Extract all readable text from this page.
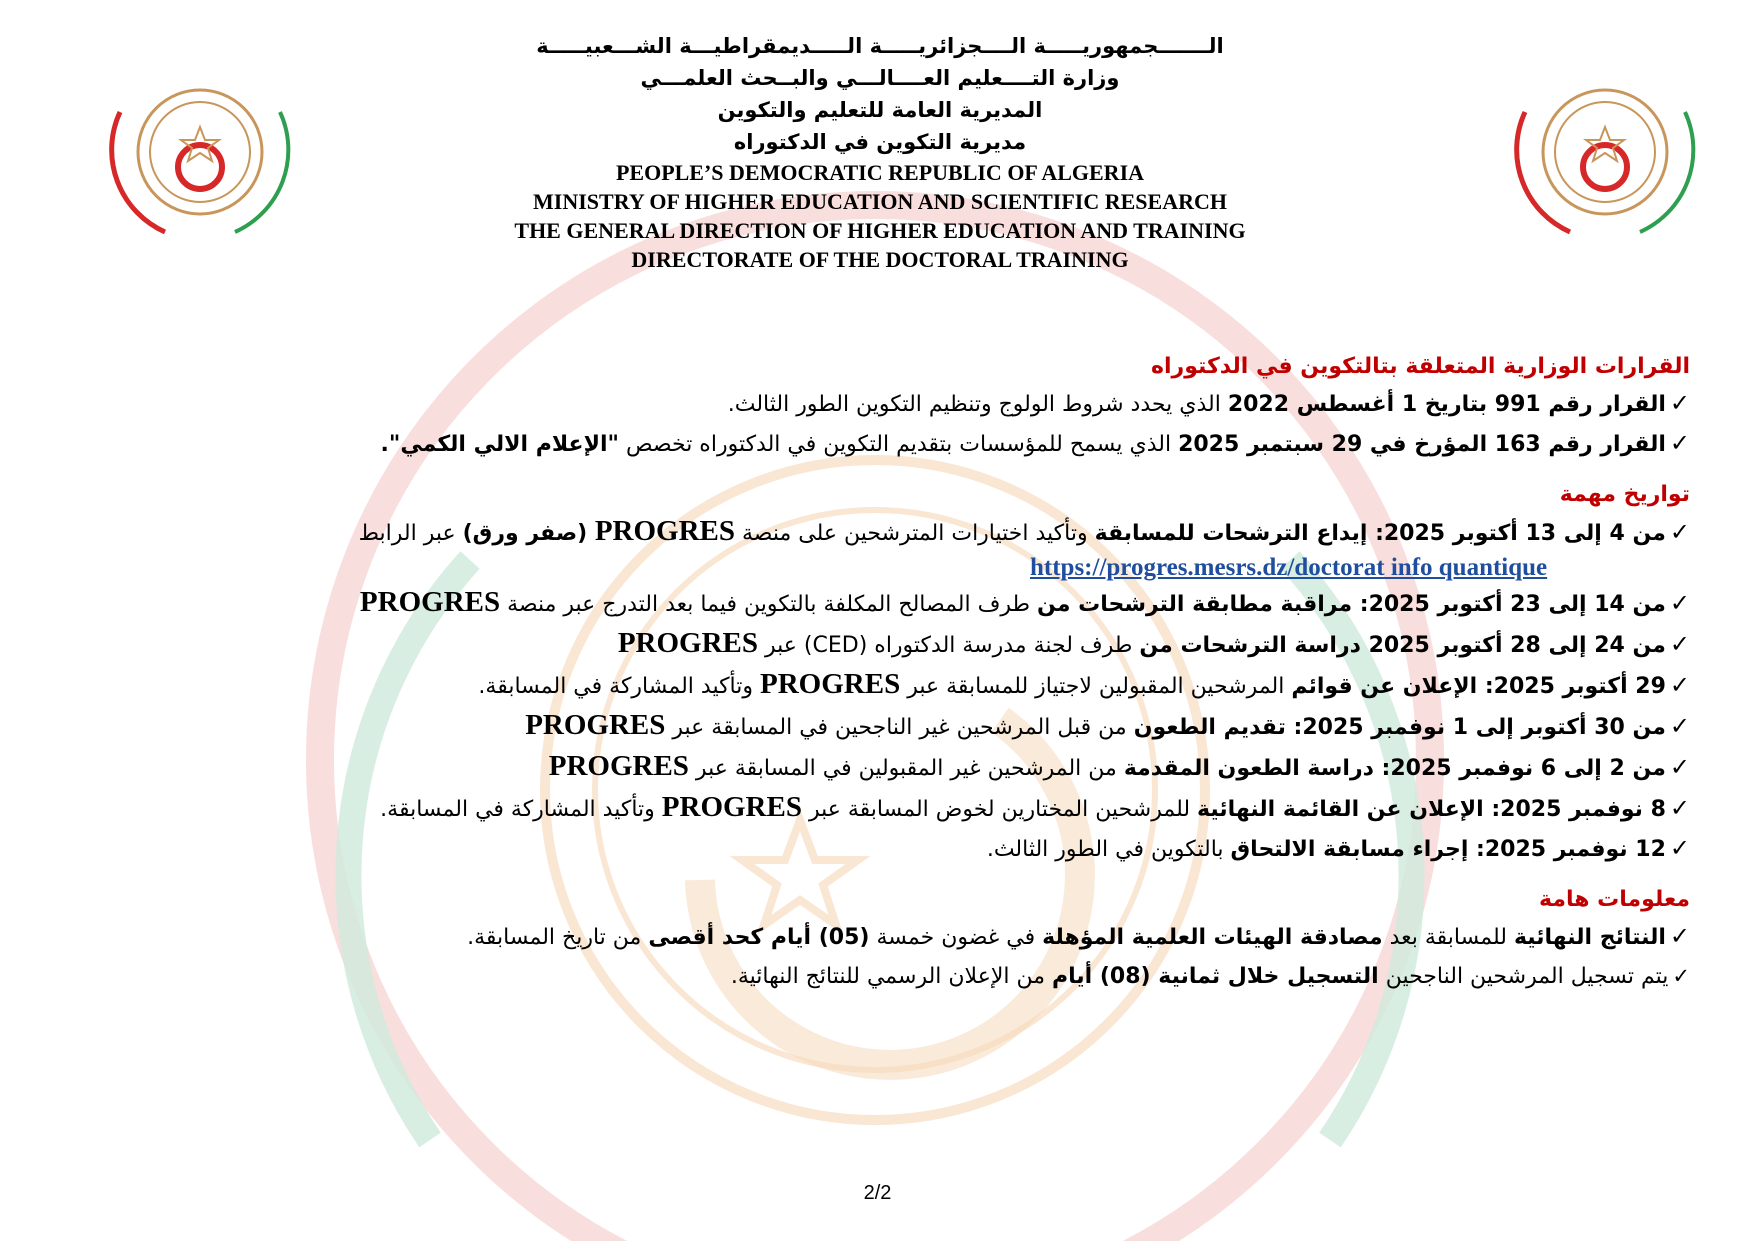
الـــــــجمهوريـــــة الــــجزائريـــــة الـــــديمقراطيـــة الشـــعبيـــــة
وزارة التــــعليم العــــالـــي والبــحث العلمـــي
المديرية العامة للتعليم والتكوين
مديرية التكوين في الدكتوراه
PEOPLE’S DEMOCRATIC REPUBLIC OF ALGERIA
MINISTRY OF HIGHER EDUCATION AND SCIENTIFIC RESEARCH
THE GENERAL DIRECTION OF HIGHER EDUCATION AND TRAINING
DIRECTORATE OF THE DOCTORAL TRAINING
القرارات الوزارية المتعلقة بتالتكوين في الدكتوراه
✓القرار رقم 991 بتاريخ 1 أغسطس 2022 الذي يحدد شروط الولوج وتنظيم التكوين الطور الثالث.
✓القرار رقم 163 المؤرخ في 29 سبتمبر 2025 الذي يسمح للمؤسسات بتقديم التكوين في الدكتوراه تخصص "الإعلام الالي الكمي".
تواريخ مهمة
✓من 4 إلى 13 أكتوبر 2025: إيداع الترشحات للمسابقة وتأكيد اختيارات المترشحين على منصة PROGRES (صفر ورق) عبر الرابط
https://progres.mesrs.dz/doctorat info quantique
✓من 14 إلى 23 أكتوبر 2025: مراقبة مطابقة الترشحات من طرف المصالح المكلفة بالتكوين فيما بعد التدرج عبر منصة PROGRES
✓من 24 إلى 28 أكتوبر 2025 دراسة الترشحات من طرف لجنة مدرسة الدكتوراه (CED) عبر PROGRES
✓29 أكتوبر 2025: الإعلان عن قوائم المرشحين المقبولين لاجتياز للمسابقة عبر PROGRES وتأكيد المشاركة في المسابقة.
✓من 30 أكتوبر إلى 1 نوفمبر 2025: تقديم الطعون من قبل المرشحين غير الناجحين في المسابقة عبر PROGRES
✓من 2 إلى 6 نوفمبر 2025: دراسة الطعون المقدمة من المرشحين غير المقبولين في المسابقة عبر PROGRES
✓8 نوفمبر 2025: الإعلان عن القائمة النهائية للمرشحين المختارين لخوض المسابقة عبر PROGRES وتأكيد المشاركة في المسابقة.
✓12 نوفمبر 2025: إجراء مسابقة الالتحاق بالتكوين في الطور الثالث.
معلومات هامة
✓النتائج النهائية للمسابقة بعد مصادقة الهيئات العلمية المؤهلة في غضون خمسة (05) أيام كحد أقصى من تاريخ المسابقة.
✓يتم تسجيل المرشحين الناجحين التسجيل خلال ثمانية (08) أيام من الإعلان الرسمي للنتائج النهائية.
2/2
